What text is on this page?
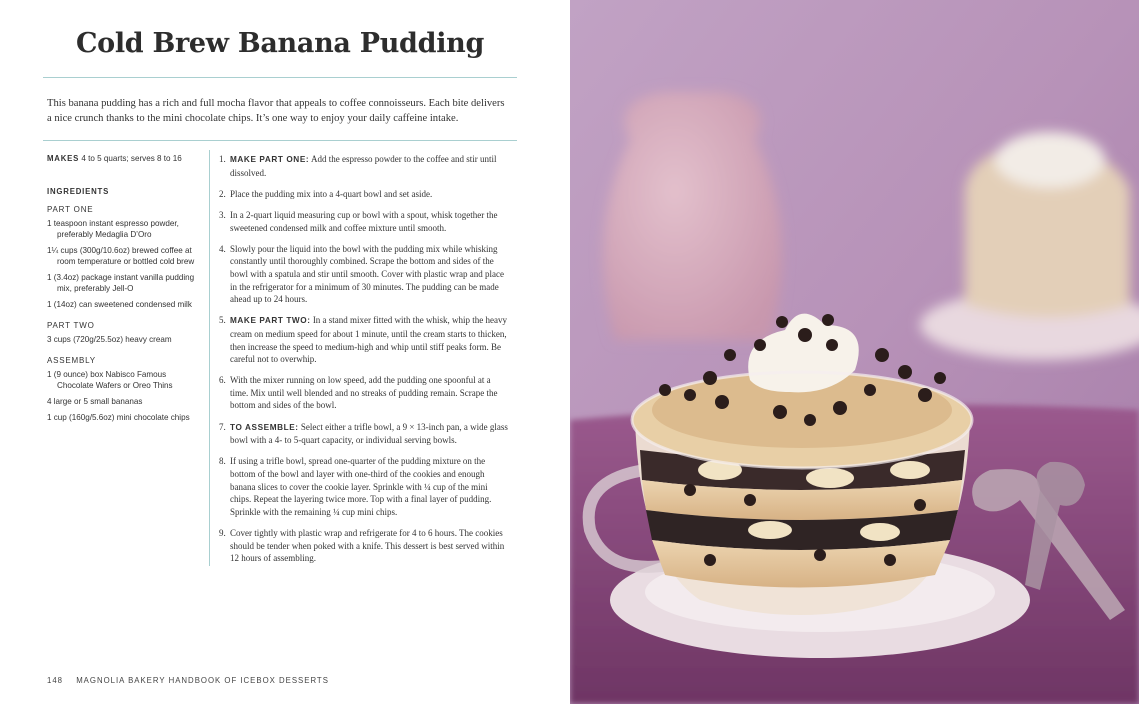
Cold Brew Banana Pudding

This banana pudding has a rich and full mocha flavor that appeals to coffee connoisseurs. Each bite delivers a nice crunch thanks to the mini chocolate chips. It’s one way to enjoy your daily caffeine intake.

MAKES 4 to 5 quarts; serves 8 to 16
INGREDIENTS
PART ONE
1 teaspoon instant espresso powder, preferably Medaglia D’Oro
1¼ cups (300g/10.6oz) brewed coffee at room temperature or bottled cold brew
1 (3.4oz) package instant vanilla pudding mix, preferably Jell-O
1 (14oz) can sweetened condensed milk
PART TWO
3 cups (720g/25.5oz) heavy cream
ASSEMBLY
1 (9 ounce) box Nabisco Famous Chocolate Wafers or Oreo Thins
4 large or 5 small bananas
1 cup (160g/5.6oz) mini chocolate chips
1. MAKE PART ONE: Add the espresso powder to the coffee and stir until dissolved.
2. Place the pudding mix into a 4-quart bowl and set aside.
3. In a 2-quart liquid measuring cup or bowl with a spout, whisk together the sweetened condensed milk and coffee mixture until smooth.
4. Slowly pour the liquid into the bowl with the pudding mix while whisking constantly until thoroughly combined. Scrape the bottom and sides of the bowl with a spatula and stir until smooth. Cover with plastic wrap and place in the refrigerator for a minimum of 30 minutes. The pudding can be made ahead up to 24 hours.
5. MAKE PART TWO: In a stand mixer fitted with the whisk, whip the heavy cream on medium speed for about 1 minute, until the cream starts to thicken, then increase the speed to medium-high and whip until stiff peaks form. Be careful not to overwhip.
6. With the mixer running on low speed, add the pudding one spoonful at a time. Mix until well blended and no streaks of pudding remain. Scrape the bottom and sides of the bowl.
7. TO ASSEMBLE: Select either a trifle bowl, a 9 × 13-inch pan, a wide glass bowl with a 4- to 5-quart capacity, or individual serving bowls.
8. If using a trifle bowl, spread one-quarter of the pudding mixture on the bottom of the bowl and layer with one-third of the cookies and enough banana slices to cover the cookie layer. Sprinkle with ¼ cup of the mini chips. Repeat the layering twice more. Top with a final layer of pudding. Sprinkle with the remaining ¼ cup mini chips.
9. Cover tightly with plastic wrap and refrigerate for 4 to 6 hours. The cookies should be tender when poked with a knife. This dessert is best served within 12 hours of assembling.
148 MAGNOLIA BAKERY HANDBOOK OF ICEBOX DESSERTS
